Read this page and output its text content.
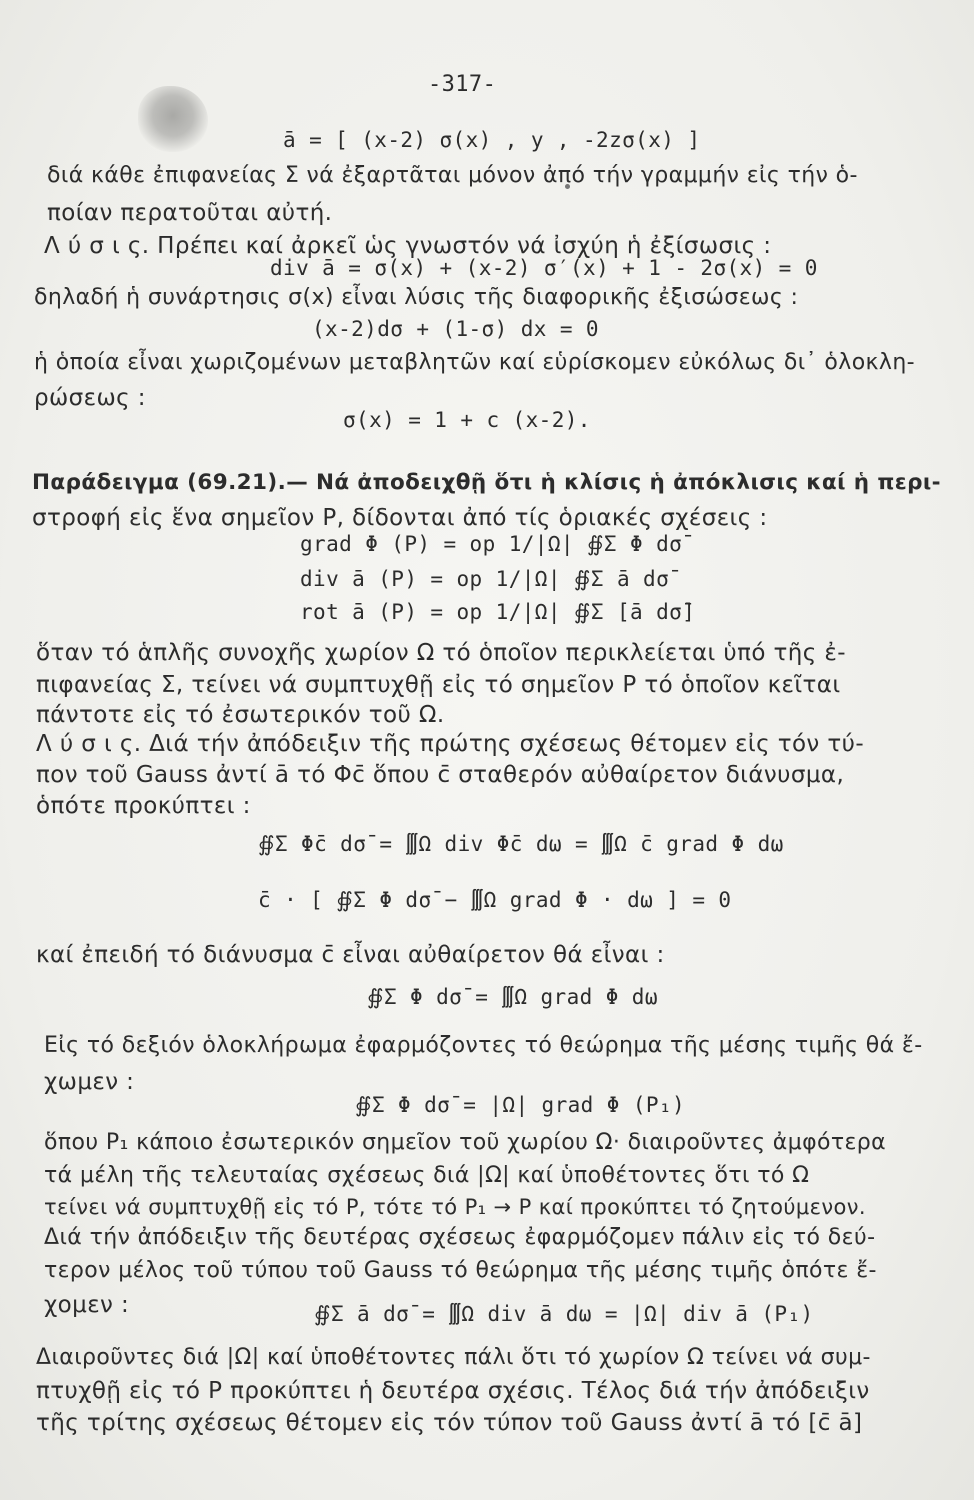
-317-
ā = [ (x-2) σ(x) , y , -2zσ(x) ]
διά κάθε ἐπιφανείας Σ νά ἐξαρτᾶται μόνον ἀπό τήν γραμμήν εἰς τήν ὁ-
ποίαν περατοῦται αὐτή.
Λ ύ σ ι ς. Πρέπει καί ἀρκεῖ ὡς γνωστόν νά ἰσχύη ἡ ἐξίσωσις :
div ā = σ(x) + (x-2) σ′(x) + 1 - 2σ(x) = 0
δηλαδή ἡ συνάρτησις σ(x) εἶναι λύσις τῆς διαφορικῆς ἐξισώσεως :
(x-2)dσ + (1-σ) dx = 0
ἡ ὁποία εἶναι χωριζομένων μεταβλητῶν καί εὑρίσκομεν εὐκόλως δι᾽ ὁλοκλη-
ρώσεως :
σ(x) = 1 + c (x-2).
Παράδειγμα (69.21).— Νά ἀποδειχθῇ ὅτι ἡ κλίσις ἡ ἀπόκλισις καί ἡ περι-
στροφή εἰς ἕνα σημεῖον P, δίδονται ἀπό τίς ὁριακές σχέσεις :
grad Φ (P) = op 1/|Ω| ∯Σ Φ dσ̄
div ā (P) = op 1/|Ω| ∯Σ ā dσ̄
rot ā (P) = op 1/|Ω| ∯Σ [ā dσ̄]
ὅταν τό ἁπλῆς συνοχῆς χωρίον Ω τό ὁποῖον περικλείεται ὑπό τῆς ἐ-
πιφανείας Σ, τείνει νά συμπτυχθῇ εἰς τό σημεῖον P τό ὁποῖον κεῖται
πάντοτε εἰς τό ἐσωτερικόν τοῦ Ω.
Λ ύ σ ι ς. Διά τήν ἀπόδειξιν τῆς πρώτης σχέσεως θέτομεν εἰς τόν τύ-
πον τοῦ Gauss ἀντί ā τό Φc̄ ὅπου c̄ σταθερόν αὐθαίρετον διάνυσμα,
ὁπότε προκύπτει :
∯Σ Φc̄ dσ̄ = ∭Ω div Φc̄ dω = ∭Ω c̄ grad Φ dω
c̄ · [ ∯Σ Φ dσ̄ − ∭Ω grad Φ · dω ] = 0
καί ἐπειδή τό διάνυσμα c̄ εἶναι αὐθαίρετον θά εἶναι :
∯Σ Φ dσ̄ = ∭Ω grad Φ dω
Εἰς τό δεξιόν ὁλοκλήρωμα ἐφαρμόζοντες τό θεώρημα τῆς μέσης τιμῆς θά ἔ-
χωμεν :
∯Σ Φ dσ̄ = |Ω| grad Φ (P₁)
ὅπου P₁ κάποιο ἐσωτερικόν σημεῖον τοῦ χωρίου Ω· διαιροῦντες ἀμφότερα
τά μέλη τῆς τελευταίας σχέσεως διά |Ω| καί ὑποθέτοντες ὅτι τό Ω
τείνει νά συμπτυχθῇ εἰς τό P, τότε τό P₁ → P καί προκύπτει τό ζητούμενον.
Διά τήν ἀπόδειξιν τῆς δευτέρας σχέσεως ἐφαρμόζομεν πάλιν εἰς τό δεύ-
τερον μέλος τοῦ τύπου τοῦ Gauss τό θεώρημα τῆς μέσης τιμῆς ὁπότε ἔ-
χομεν :	∯Σ ā dσ̄ = ∭Ω div ā dω = |Ω| div ā (P₁)
Διαιροῦντες διά |Ω| καί ὑποθέτοντες πάλι ὅτι τό χωρίον Ω τείνει νά συμ-
πτυχθῇ εἰς τό P προκύπτει ἡ δευτέρα σχέσις. Τέλος διά τήν ἀπόδειξιν
τῆς τρίτης σχέσεως θέτομεν εἰς τόν τύπον τοῦ Gauss ἀντί ā τό [c̄ ā]
